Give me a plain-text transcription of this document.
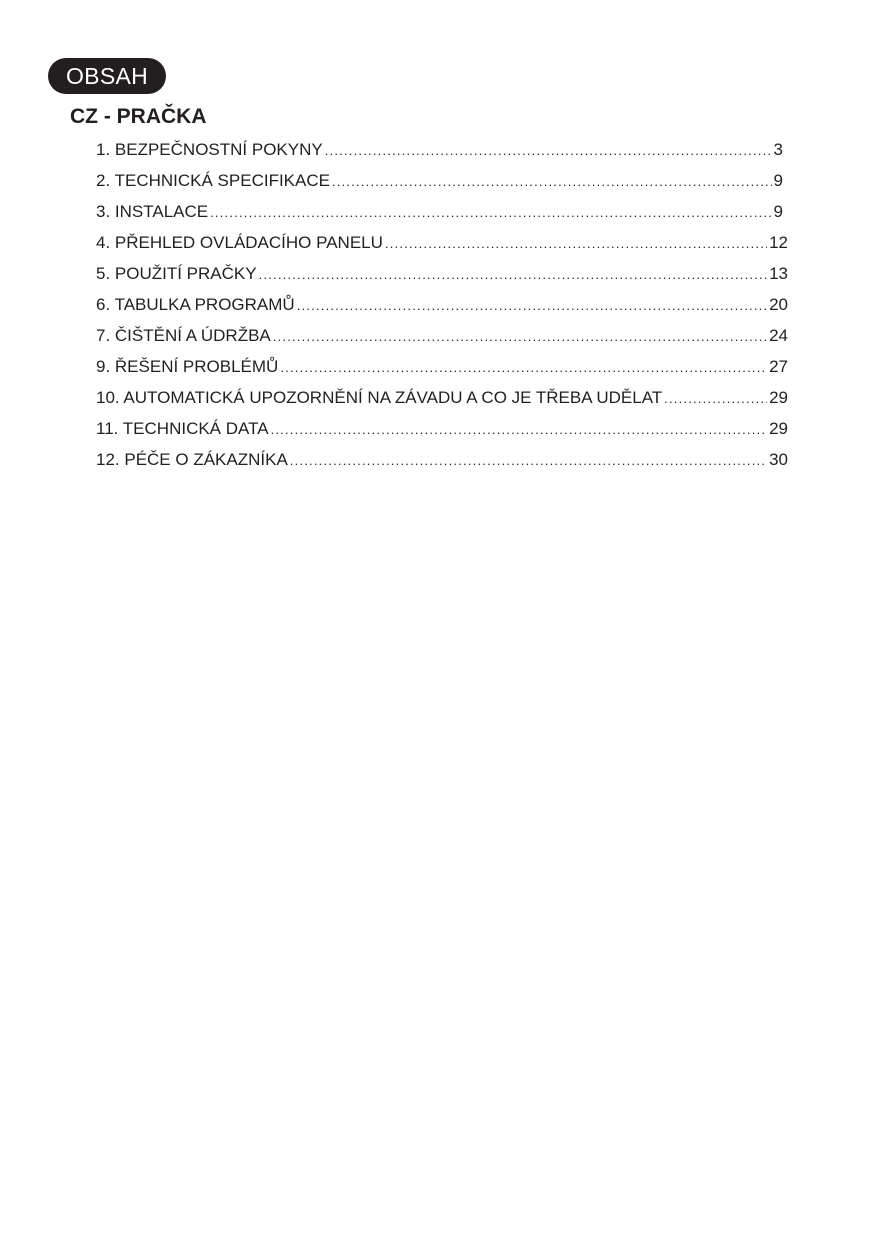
OBSAH
CZ - PRAČKA
1. BEZPEČNOSTNÍ POKYNY .....	3
2. TECHNICKÁ SPECIFIKACE .....	9
3. INSTALACE .....	9
4. PŘEHLED OVLÁDACÍHO PANELU .....	12
5. POUŽITÍ PRAČKY .....	13
6. TABULKA PROGRAMŮ .....	20
7. ČIŠTĚNÍ A ÚDRŽBA .....	24
9. ŘEŠENÍ PROBLÉMŮ .....	27
10. AUTOMATICKÁ UPOZORNĚNÍ NA ZÁVADU A CO JE TŘEBA UDĚLAT .....	29
11. TECHNICKÁ DATA .....	29
12. PÉČE O ZÁKAZNÍKA .....	30
